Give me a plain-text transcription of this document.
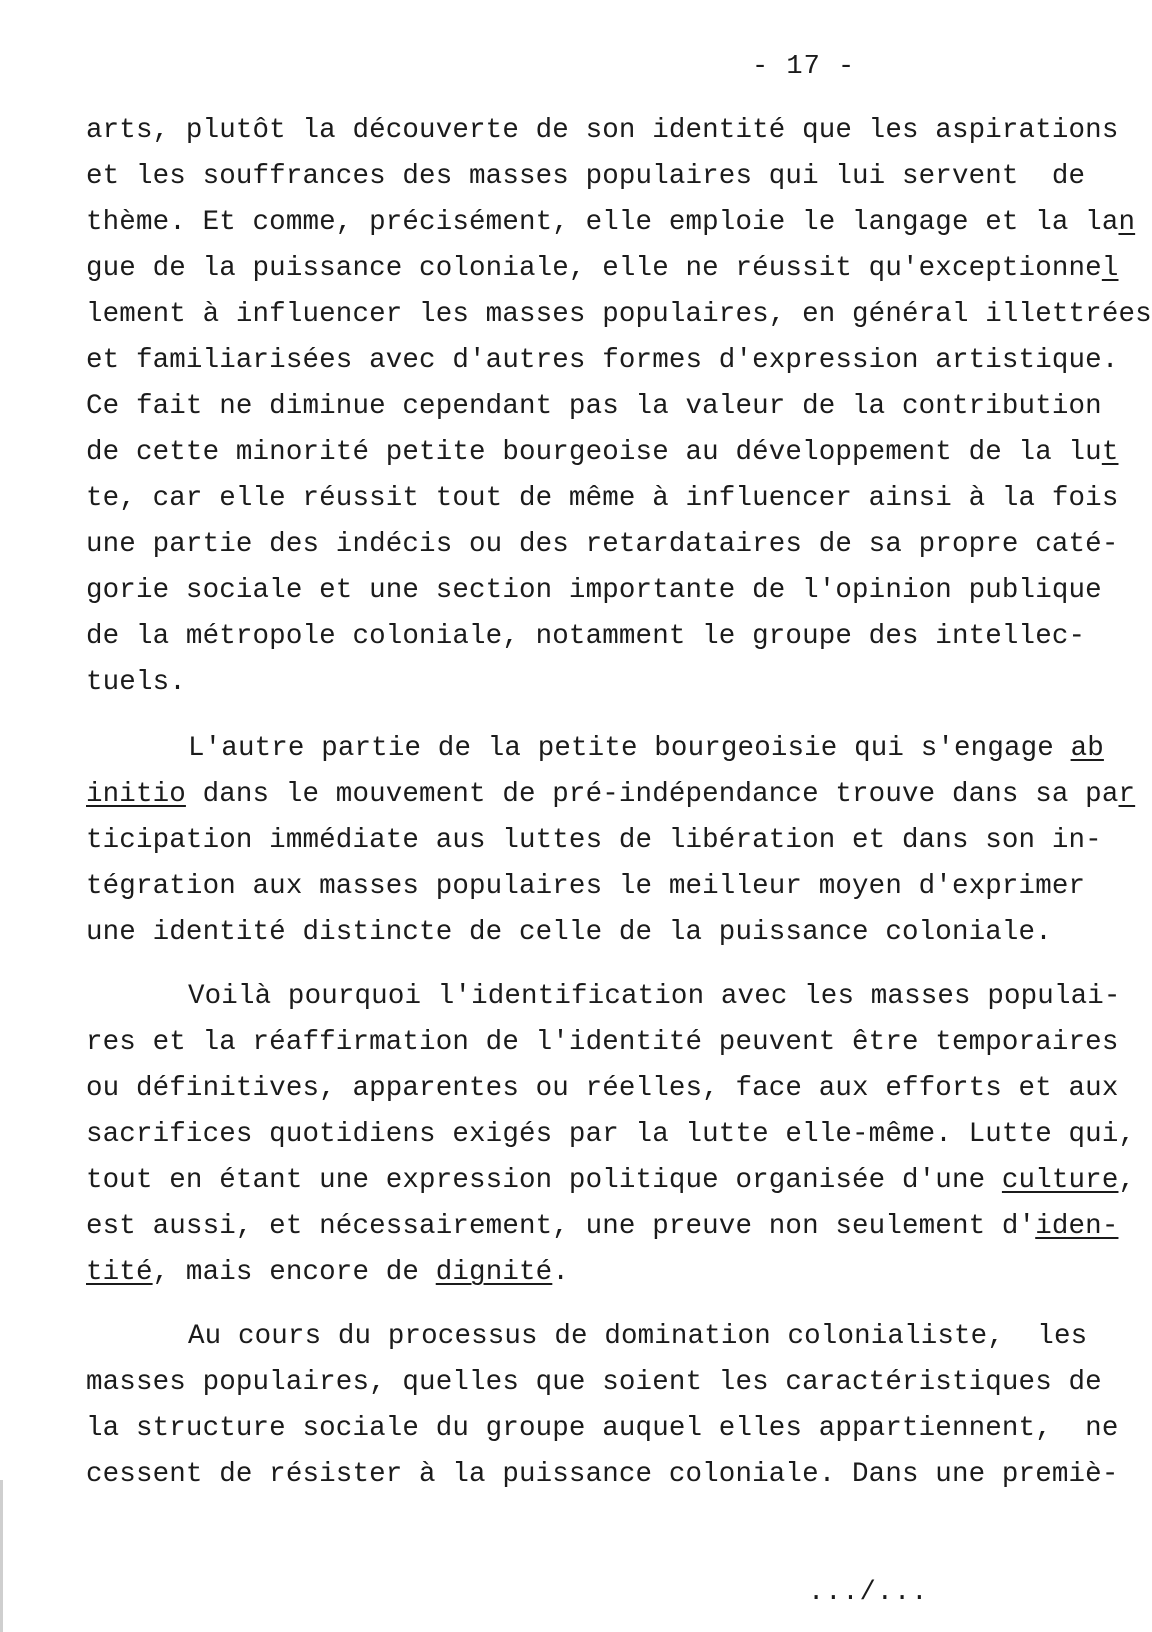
- 17 -
arts, plutôt la découverte de son identité que les aspirations
et les souffrances des masses populaires qui lui servent  de
thème. Et comme, précisément, elle emploie le langage et la lan
gue de la puissance coloniale, elle ne réussit qu'exceptionnel
lement à influencer les masses populaires, en général illettrées
et familiarisées avec d'autres formes d'expression artistique.
Ce fait ne diminue cependant pas la valeur de la contribution
de cette minorité petite bourgeoise au développement de la lut
te, car elle réussit tout de même à influencer ainsi à la fois
une partie des indécis ou des retardataires de sa propre caté-
gorie sociale et une section importante de l'opinion publique
de la métropole coloniale, notamment le groupe des intellec-
tuels.
L'autre partie de la petite bourgeoisie qui s'engage ab
initio dans le mouvement de pré-indépendance trouve dans sa par
ticipation immédiate aus luttes de libération et dans son in-
tégration aux masses populaires le meilleur moyen d'exprimer
une identité distincte de celle de la puissance coloniale.
Voilà pourquoi l'identification avec les masses populai-
res et la réaffirmation de l'identité peuvent être temporaires
ou définitives, apparentes ou réelles, face aux efforts et aux
sacrifices quotidiens exigés par la lutte elle-même. Lutte qui,
tout en étant une expression politique organisée d'une culture,
est aussi, et nécessairement, une preuve non seulement d'iden-
tité, mais encore de dignité.
Au cours du processus de domination colonialiste,  les
masses populaires, quelles que soient les caractéristiques de
la structure sociale du groupe auquel elles appartiennent,  ne
cessent de résister à la puissance coloniale. Dans une premiè-
.../...
